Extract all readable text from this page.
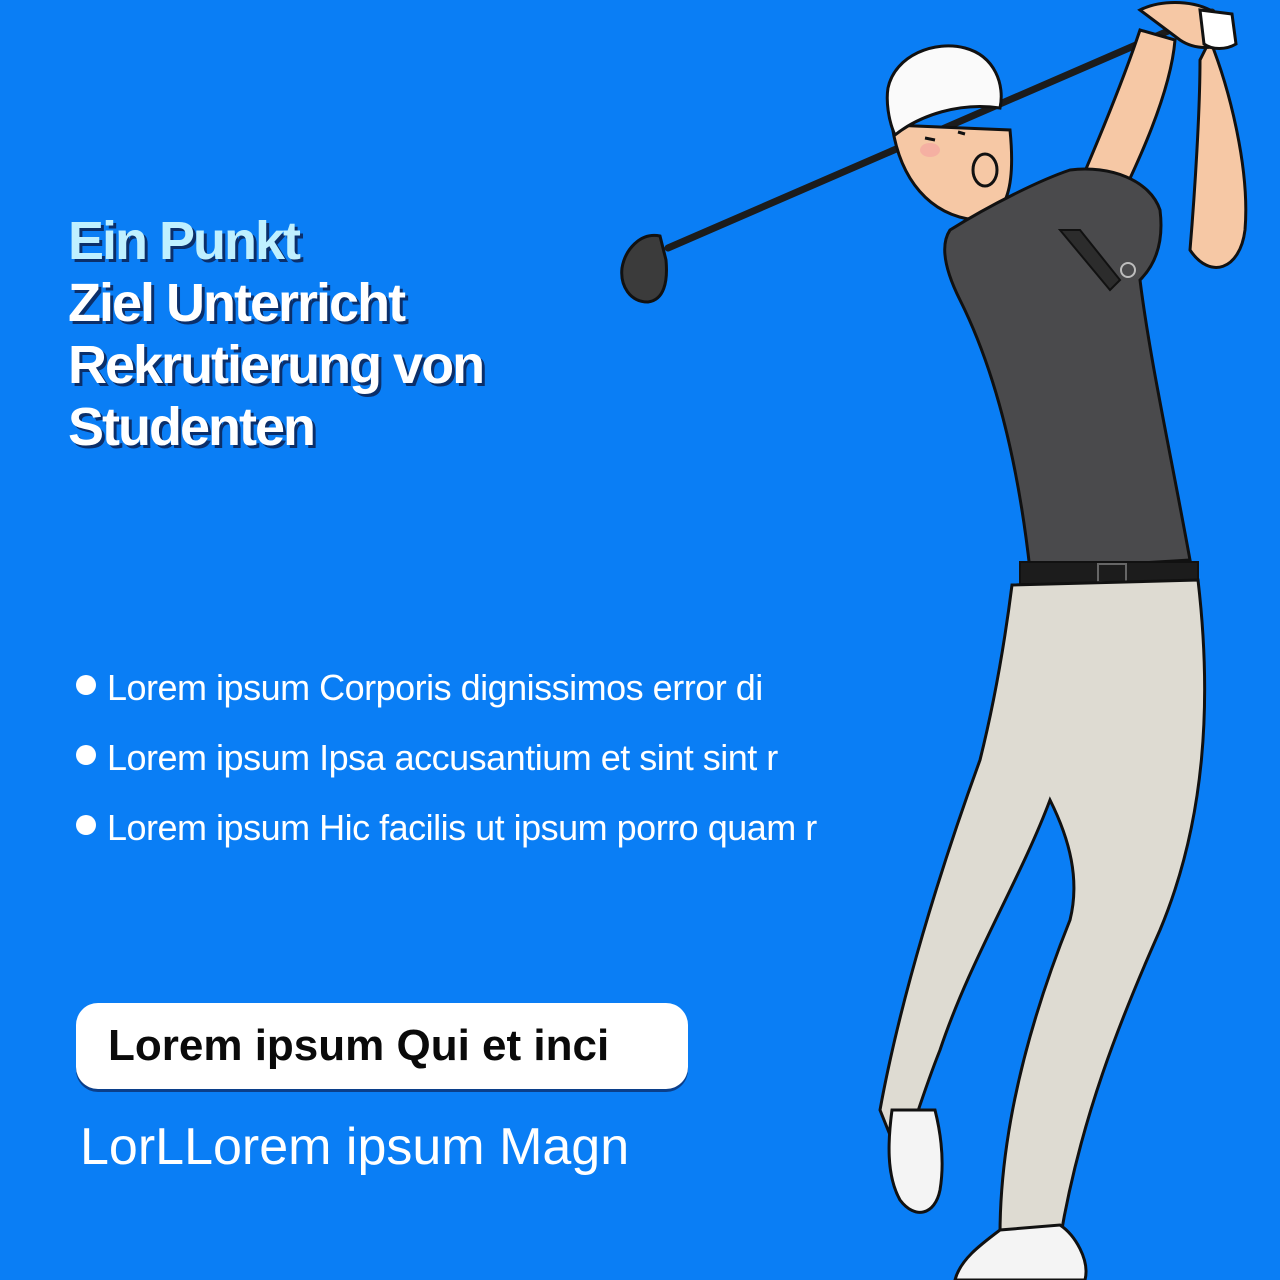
Ein Punkt
Ziel Unterricht
Rekrutierung von
Studenten
Lorem ipsum Corporis dignissimos error di
Lorem ipsum Ipsa accusantium et sint sint r
Lorem ipsum Hic facilis ut ipsum porro quam r
Lorem ipsum Qui et inci
LorLLorem ipsum Magn
